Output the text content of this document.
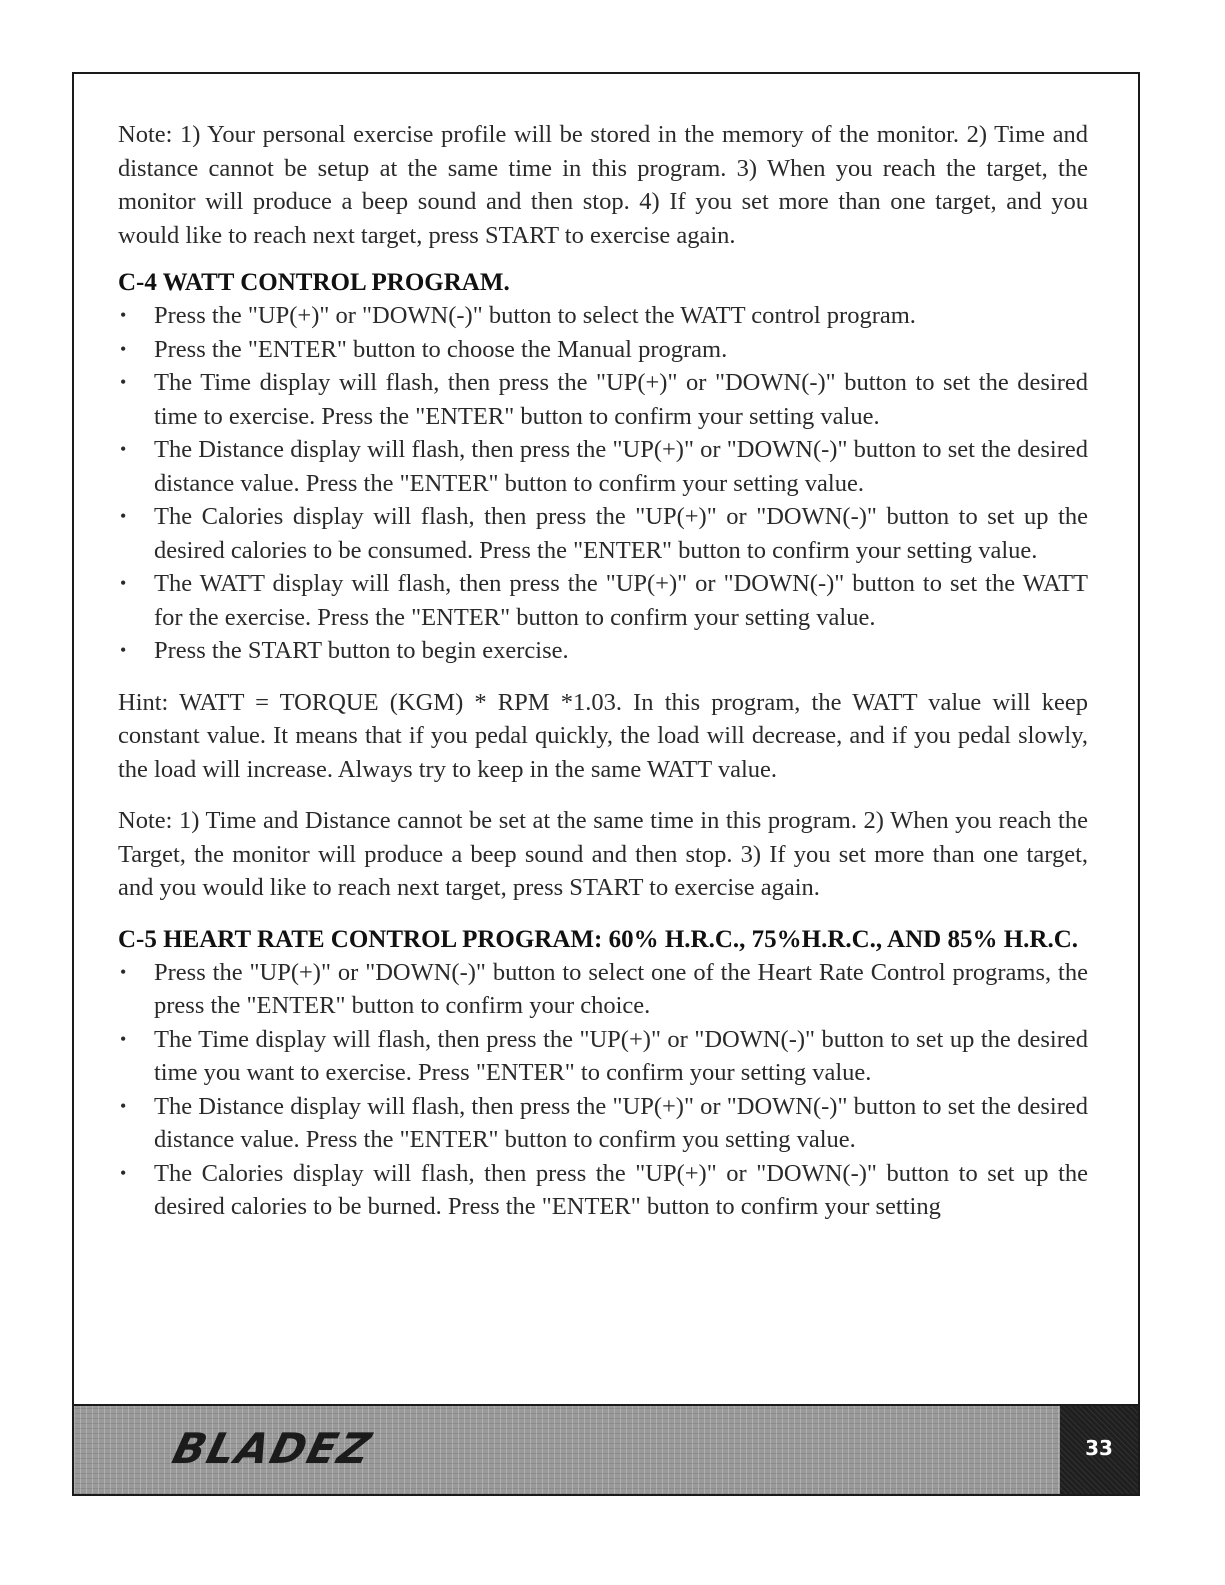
Note: 1) Your personal exercise profile will be stored in the memory of the monitor. 2) Time and distance cannot be setup at the same time in this program. 3) When you reach the target, the monitor will produce a beep sound and then stop. 4) If you set more than one target, and you would like to reach next target, press START to exercise again.

C-4 WATT CONTROL PROGRAM.
• Press the "UP(+)" or "DOWN(-)" button to select the WATT control program.
• Press the "ENTER" button to choose the Manual program.
• The Time display will flash, then press the "UP(+)" or "DOWN(-)" button to set the desired time to exercise. Press the "ENTER" button to confirm your setting value.
• The Distance display will flash, then press the "UP(+)" or "DOWN(-)" button to set the desired distance value. Press the "ENTER" button to confirm your setting value.
• The Calories display will flash, then press the "UP(+)" or "DOWN(-)" button to set up the desired calories to be consumed. Press the "ENTER" button to confirm your setting value.
• The WATT display will flash, then press the "UP(+)" or "DOWN(-)" button to set the WATT for the exercise. Press the "ENTER" button to confirm your setting value.
• Press the START button to begin exercise.

Hint: WATT = TORQUE (KGM) * RPM *1.03. In this program, the WATT value will keep constant value. It means that if you pedal quickly, the load will decrease, and if you pedal slowly, the load will increase. Always try to keep in the same WATT value.

Note: 1) Time and Distance cannot be set at the same time in this program. 2) When you reach the Target, the monitor will produce a beep sound and then stop. 3) If you set more than one target, and you would like to reach next target, press START to exercise again.

C-5 HEART RATE CONTROL PROGRAM: 60% H.R.C., 75%H.R.C., AND 85% H.R.C.
• Press the "UP(+)" or "DOWN(-)" button to select one of the Heart Rate Control programs, the press the "ENTER" button to confirm your choice.
• The Time display will flash, then press the "UP(+)" or "DOWN(-)" button to set up the desired time you want to exercise. Press "ENTER" to confirm your setting value.
• The Distance display will flash, then press the "UP(+)" or "DOWN(-)" button to set the desired distance value. Press the "ENTER" button to confirm you setting value.
• The Calories display will flash, then press the "UP(+)" or "DOWN(-)" button to set up the desired calories to be burned. Press the "ENTER" button to confirm your setting
BLADEZ	33
